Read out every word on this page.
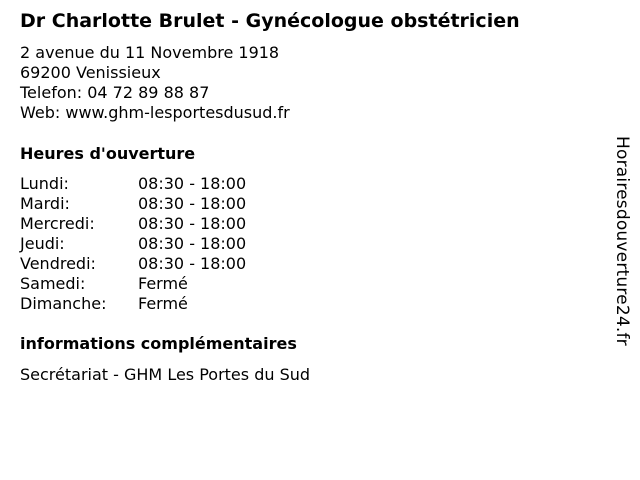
Dr Charlotte Brulet - Gynécologue obstétricien
2 avenue du 11 Novembre 1918
69200 Venissieux
Telefon: 04 72 89 88 87
Web: www.ghm-lesportesdusud.fr
Heures d'ouverture
Lundi:	08:30 - 18:00
Mardi:	08:30 - 18:00
Mercredi:	08:30 - 18:00
Jeudi:	08:30 - 18:00
Vendredi:	08:30 - 18:00
Samedi:	Fermé
Dimanche:	Fermé
informations complémentaires
Secrétariat - GHM Les Portes du Sud
Horairesdouverture24.fr
